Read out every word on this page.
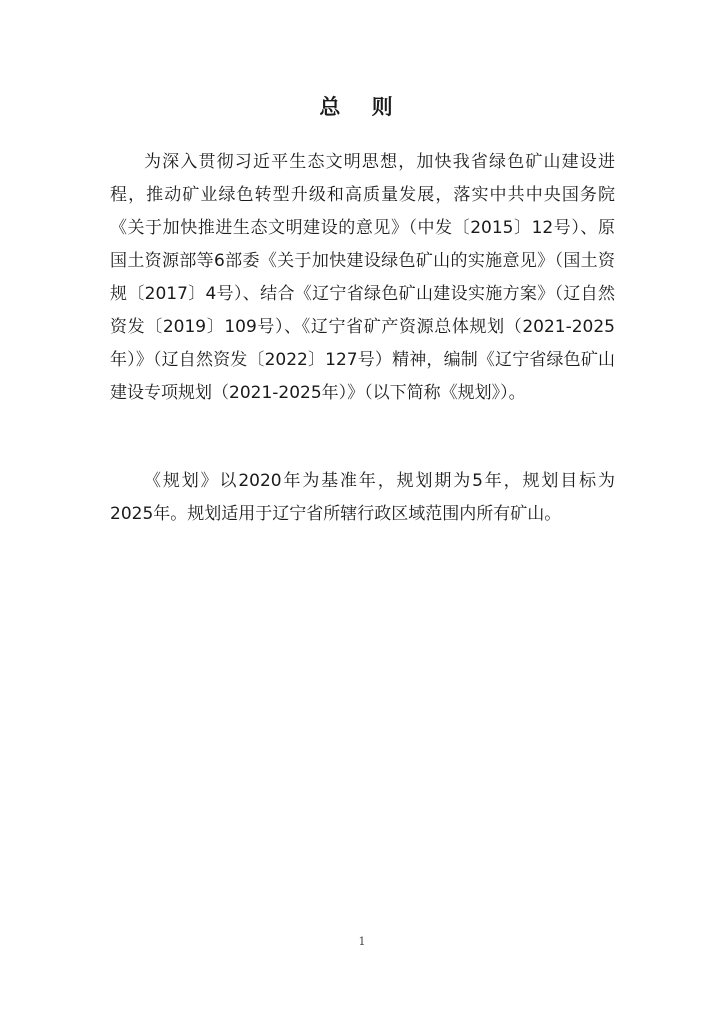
总 则

为深入贯彻习近平生态文明思想，加快我省绿色矿山建设进程，推动矿业绿色转型升级和高质量发展，落实中共中央国务院《关于加快推进生态文明建设的意见》（中发〔2015〕12号）、原国土资源部等6部委《关于加快建设绿色矿山的实施意见》（国土资规〔2017〕4号）、结合《辽宁省绿色矿山建设实施方案》（辽自然资发〔2019〕109号）、《辽宁省矿产资源总体规划（2021-2025年）》（辽自然资发〔2022〕127号）精神，编制《辽宁省绿色矿山建设专项规划（2021-2025年）》（以下简称《规划》）。

《规划》以2020年为基准年，规划期为5年，规划目标为2025年。规划适用于辽宁省所辖行政区域范围内所有矿山。

1
